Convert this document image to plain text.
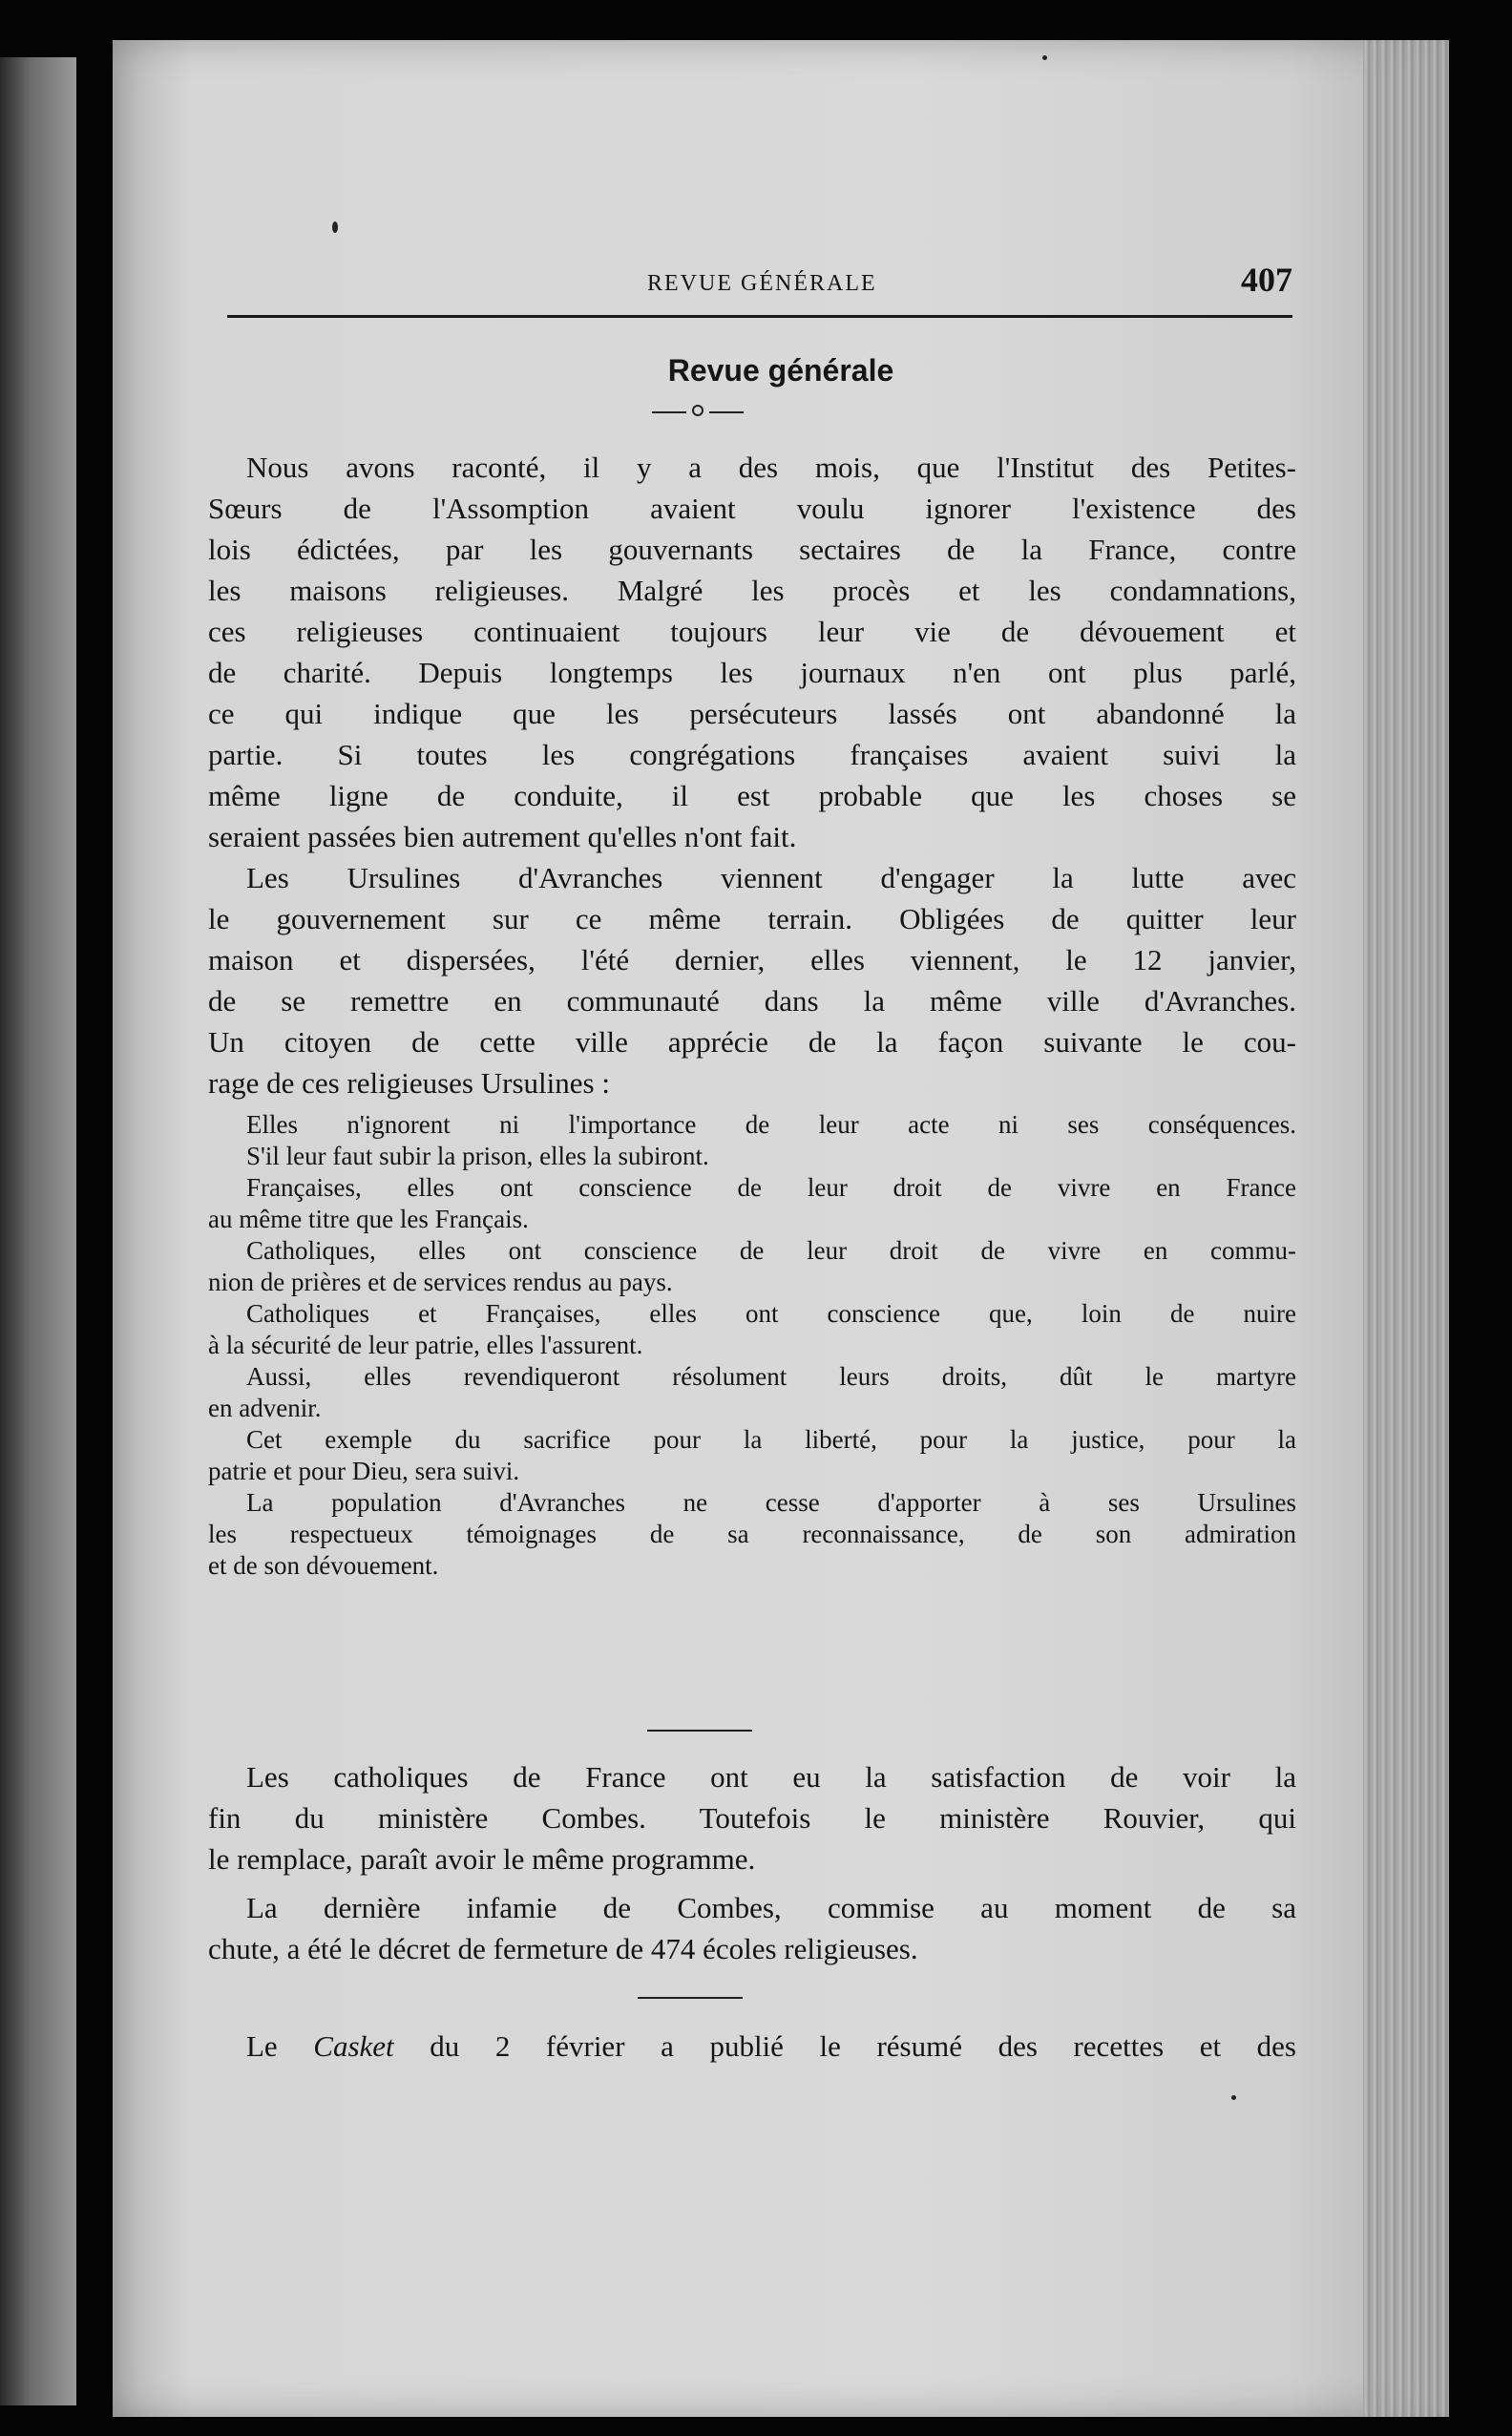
REVUE GÉNÉRALE	407
Revue générale
Nous avons raconté, il y a des mois, que l'Institut des Petites-
Sœurs de l'Assomption avaient voulu ignorer l'existence des
lois édictées, par les gouvernants sectaires de la France, contre
les maisons religieuses. Malgré les procès et les condamnations,
ces religieuses continuaient toujours leur vie de dévouement et
de charité. Depuis longtemps les journaux n'en ont plus parlé,
ce qui indique que les persécuteurs lassés ont abandonné la
partie. Si toutes les congrégations françaises avaient suivi la
même ligne de conduite, il est probable que les choses se
seraient passées bien autrement qu'elles n'ont fait.
Les Ursulines d'Avranches viennent d'engager la lutte avec
le gouvernement sur ce même terrain. Obligées de quitter leur
maison et dispersées, l'été dernier, elles viennent, le 12 janvier,
de se remettre en communauté dans la même ville d'Avranches.
Un citoyen de cette ville apprécie de la façon suivante le cou-
rage de ces religieuses Ursulines :
Elles n'ignorent ni l'importance de leur acte ni ses conséquences.
S'il leur faut subir la prison, elles la subiront.
Françaises, elles ont conscience de leur droit de vivre en France
au même titre que les Français.
Catholiques, elles ont conscience de leur droit de vivre en commu-
nion de prières et de services rendus au pays.
Catholiques et Françaises, elles ont conscience que, loin de nuire
à la sécurité de leur patrie, elles l'assurent.
Aussi, elles revendiqueront résolument leurs droits, dût le martyre
en advenir.
Cet exemple du sacrifice pour la liberté, pour la justice, pour la
patrie et pour Dieu, sera suivi.
La population d'Avranches ne cesse d'apporter à ses Ursulines
les respectueux témoignages de sa reconnaissance, de son admiration
et de son dévouement.
Les catholiques de France ont eu la satisfaction de voir la
fin du ministère Combes. Toutefois le ministère Rouvier, qui
le remplace, paraît avoir le même programme.
La dernière infamie de Combes, commise au moment de sa
chute, a été le décret de fermeture de 474 écoles religieuses.
Le Casket du 2 février a publié le résumé des recettes et des
